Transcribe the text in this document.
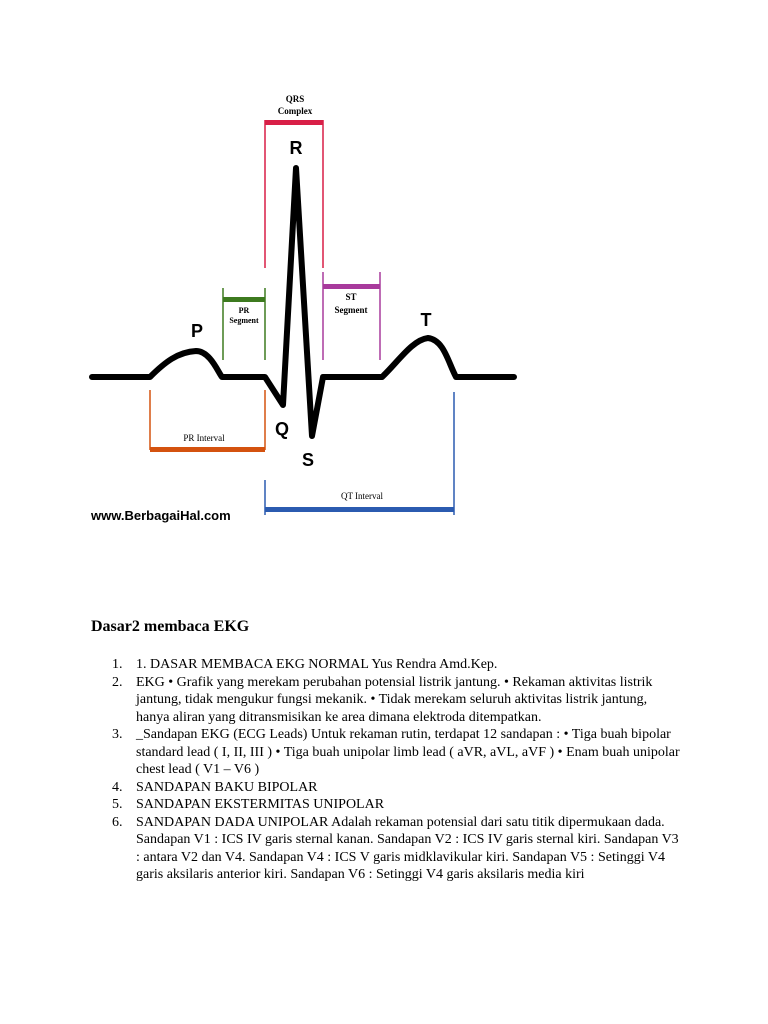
R
P
T
Q
S
QRS
Complex
PR
Segment
ST
Segment
PR Interval
QT Interval
www.BerbagaiHal.com
Dasar2 membaca EKG
1. 1. DASAR MEMBACA EKG NORMAL Yus Rendra Amd.Kep.
2. EKG • Grafik yang merekam perubahan potensial listrik jantung. • Rekaman aktivitas listrik jantung, tidak mengukur fungsi mekanik. • Tidak merekam seluruh aktivitas listrik jantung, hanya aliran yang ditransmisikan ke area dimana elektroda ditempatkan.
3. _Sandapan EKG (ECG Leads) Untuk rekaman rutin, terdapat 12 sandapan : • Tiga buah bipolar standard lead ( I, II, III ) • Tiga buah unipolar limb lead ( aVR, aVL, aVF ) • Enam buah unipolar chest lead ( V1 – V6 )
4. SANDAPAN BAKU BIPOLAR
5. SANDAPAN EKSTERMITAS UNIPOLAR
6. SANDAPAN DADA UNIPOLAR Adalah rekaman potensial dari satu titik dipermukaan dada. Sandapan V1 : ICS IV garis sternal kanan. Sandapan V2 : ICS IV garis sternal kiri. Sandapan V3 : antara V2 dan V4. Sandapan V4 : ICS V garis midklavikular kiri. Sandapan V5 : Setinggi V4 garis aksilaris anterior kiri. Sandapan V6 : Setinggi V4 garis aksilaris media kiri
